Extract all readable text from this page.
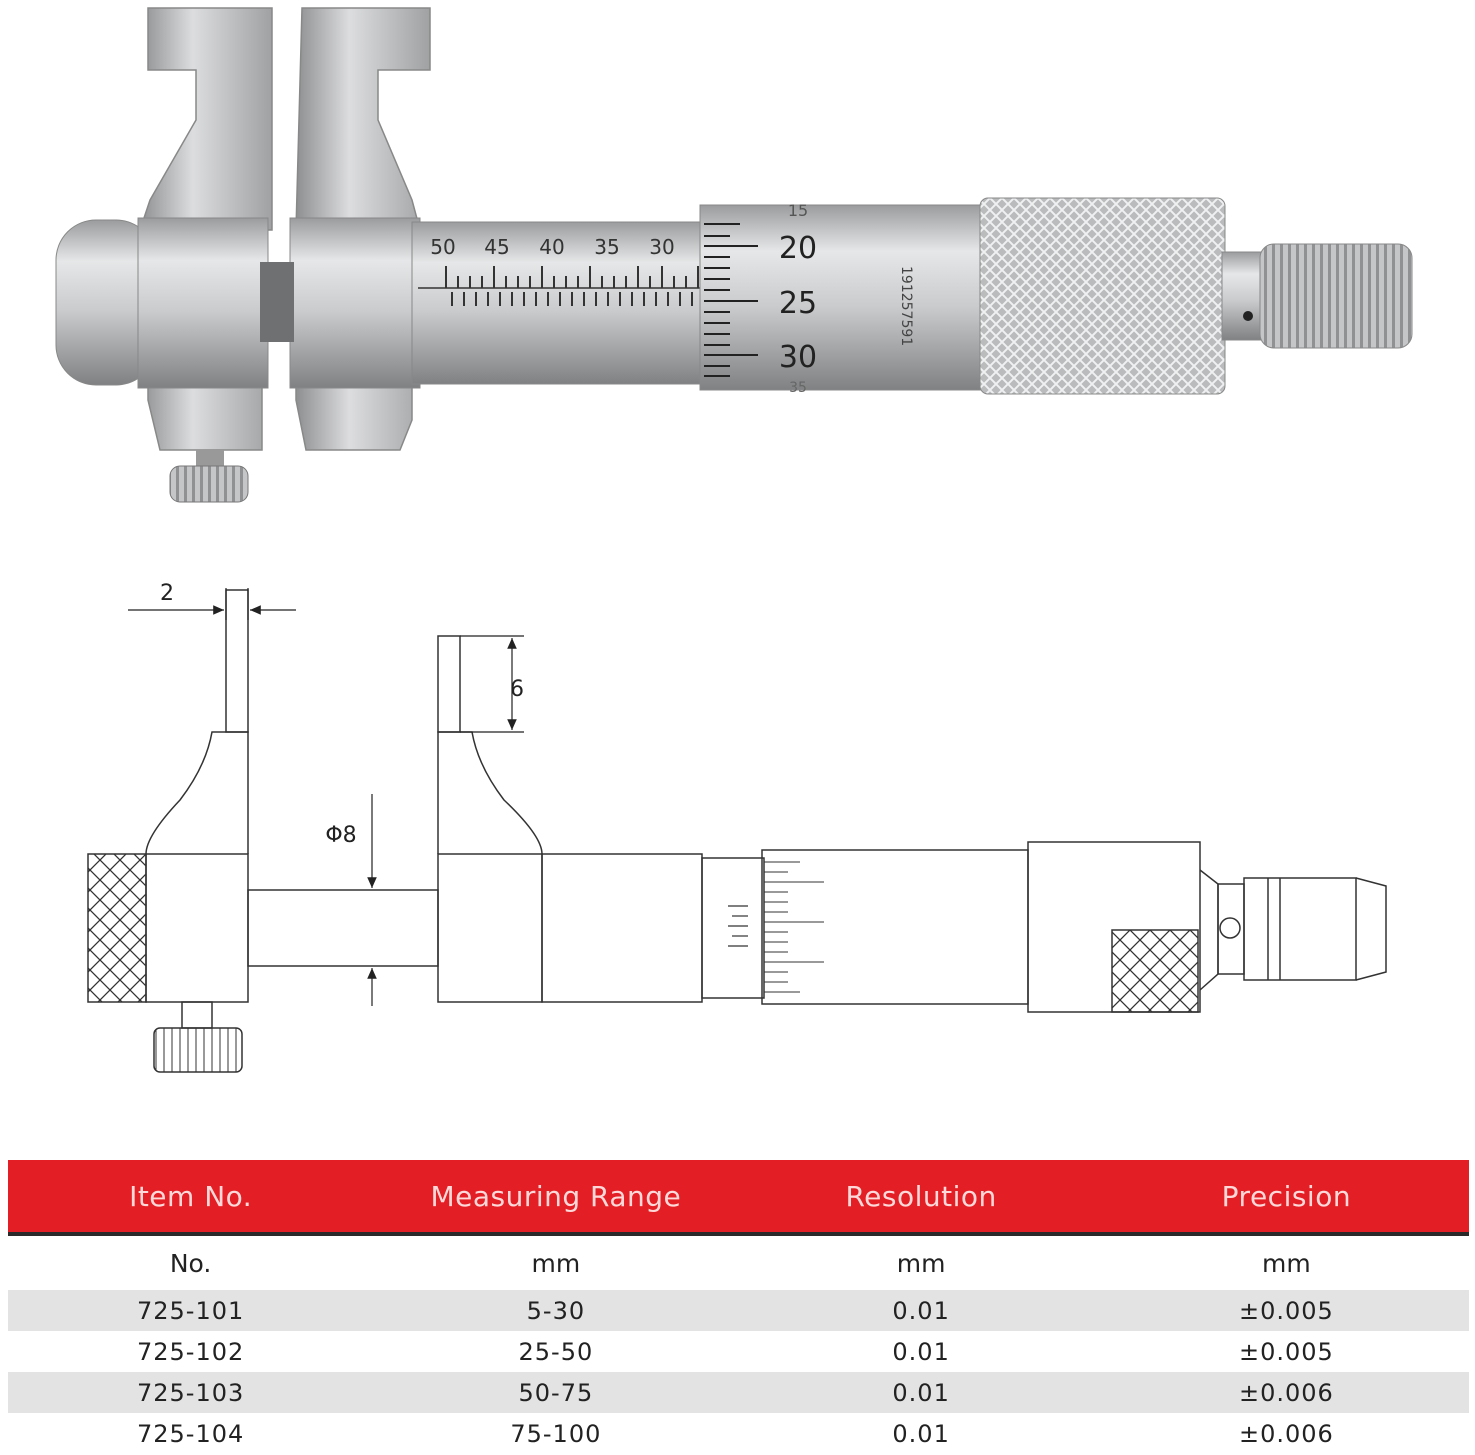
50 45 40 35 30
15
20
25
30
35
191257591
2
6
Φ8
Item No.	Measuring Range	Resolution	Precision
No.	mm	mm	mm
725-101	5-30	0.01	±0.005
725-102	25-50	0.01	±0.005
725-103	50-75	0.01	±0.006
725-104	75-100	0.01	±0.006
